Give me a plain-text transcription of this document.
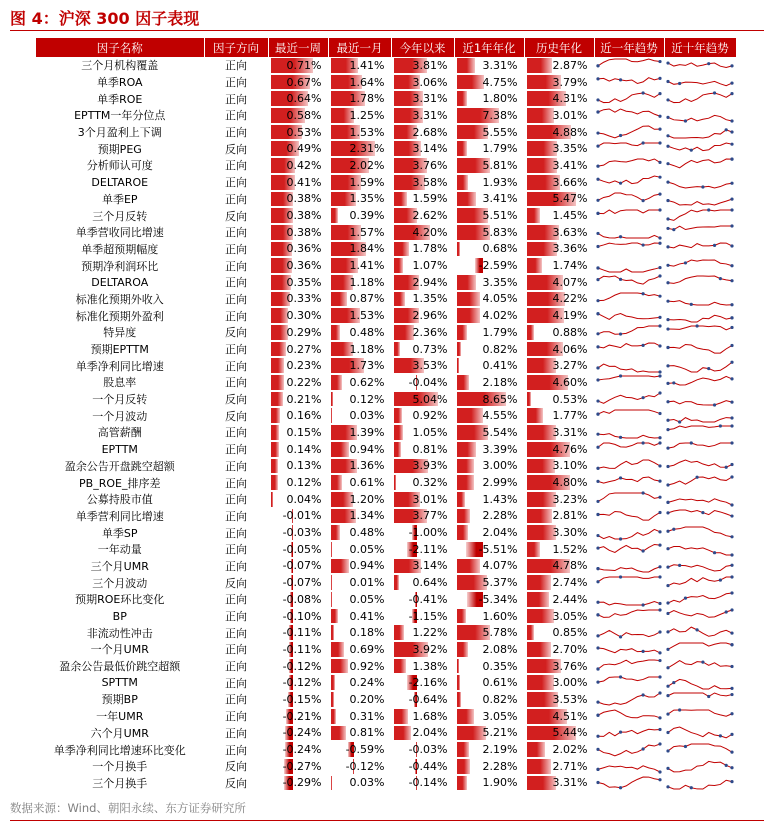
图 4：沪深 300 因子表现
因子名称	因子方向	最近一周	最近一月	今年以来	近1年年化	历史年化	近一年趋势	近十年趋势
三个月机构覆盖	正向	0.71%	1.41%	3.81%	3.31%	2.87%

单季ROA	正向	0.67%	1.64%	3.06%	4.75%	3.79%

单季ROE	正向	0.64%	1.78%	3.31%	1.80%	4.31%

EPTTM一年分位点	正向	0.58%	1.25%	3.31%	7.38%	3.01%

3个月盈利上下调	正向	0.53%	1.53%	2.68%	5.55%	4.88%

预期PEG	反向	0.49%	2.31%	3.14%	1.79%	3.35%

分析师认可度	正向	0.42%	2.02%	3.76%	5.81%	3.41%

DELTAROE	正向	0.41%	1.59%	3.58%	1.93%	3.66%

单季EP	正向	0.38%	1.35%	1.59%	3.41%	5.47%

三个月反转	反向	0.38%	0.39%	2.62%	5.51%	1.45%

单季营收同比增速	正向	0.38%	1.57%	4.20%	5.83%	3.63%

单季超预期幅度	正向	0.36%	1.84%	1.78%	0.68%	3.36%

预期净利润环比	正向	0.36%	1.41%	1.07%	-2.59%	1.74%

DELTAROA	正向	0.35%	1.18%	2.94%	3.35%	4.07%

标准化预期外收入	正向	0.33%	0.87%	1.35%	4.05%	4.22%

标准化预期外盈利	正向	0.30%	1.53%	2.96%	4.02%	4.19%

特异度	反向	0.29%	0.48%	2.36%	1.79%	0.88%

预期EPTTM	正向	0.27%	1.18%	0.73%	0.82%	4.06%

单季净利同比增速	正向	0.23%	1.73%	3.53%	0.41%	3.27%

股息率	正向	0.22%	0.62%	-0.04%	2.18%	4.60%

一个月反转	反向	0.21%	0.12%	5.04%	8.65%	0.53%

一个月波动	反向	0.16%	0.03%	0.92%	4.55%	1.77%

高管薪酬	正向	0.15%	1.39%	1.05%	5.54%	3.31%

EPTTM	正向	0.14%	0.94%	0.81%	3.39%	4.76%

盈余公告开盘跳空超额	正向	0.13%	1.36%	3.93%	3.00%	3.10%

PB_ROE_排序差	正向	0.12%	0.61%	0.32%	2.99%	4.80%

公募持股市值	正向	0.04%	1.20%	3.01%	1.43%	3.23%

单季营利同比增速	正向	-0.01%	1.34%	3.77%	2.28%	2.81%

单季SP	正向	-0.03%	0.48%	-1.00%	2.04%	3.30%

一年动量	正向	-0.05%	0.05%	-2.11%	-5.51%	1.52%

三个月UMR	正向	-0.07%	0.94%	3.14%	4.07%	4.78%

三个月波动	反向	-0.07%	0.01%	0.64%	5.37%	2.74%

预期ROE环比变化	正向	-0.08%	0.05%	-0.41%	-5.34%	2.44%

BP	正向	-0.10%	0.41%	-1.15%	1.60%	3.05%

非流动性冲击	正向	-0.11%	0.18%	1.22%	5.78%	0.85%

一个月UMR	正向	-0.11%	0.69%	3.92%	2.08%	2.70%

盈余公告最低价跳空超额	正向	-0.12%	0.92%	1.38%	0.35%	3.76%

SPTTM	正向	-0.12%	0.24%	-2.16%	0.61%	3.00%

预期BP	正向	-0.15%	0.20%	-0.64%	0.82%	3.53%

一年UMR	正向	-0.21%	0.31%	1.68%	3.05%	4.51%

六个月UMR	正向	-0.24%	0.81%	2.04%	5.21%	5.44%

单季净利同比增速环比变化	正向	-0.24%	-0.59%	-0.03%	2.19%	2.02%

一个月换手	反向	-0.27%	-0.12%	-0.44%	2.28%	2.71%

三个月换手	反向	-0.29%	0.03%	-0.14%	1.90%	3.31%

数据来源：Wind、朝阳永续、东方证券研究所
